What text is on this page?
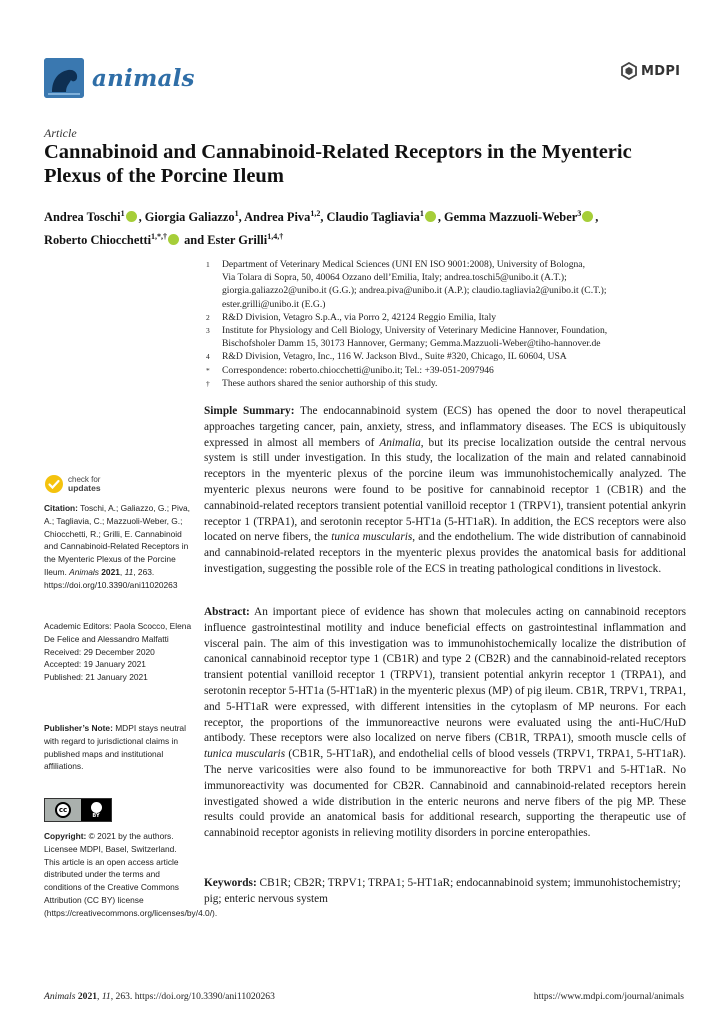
animals	MDPI
Article
Cannabinoid and Cannabinoid-Related Receptors in the Myenteric Plexus of the Porcine Ileum
Andrea Toschi$^1$ , Giorgia Galiazzo$^1$, Andrea Piva$^{1,2}$, Claudio Tagliavia$^1$ , Gemma Mazzuoli-Weber$^3$ ,
Roberto Chiocchetti$^{1,*,\dagger}$ and Ester Grilli$^{1,4,\dagger}$
1	Department of Veterinary Medical Sciences (UNI EN ISO 9001:2008), University of Bologna,
Via Tolara di Sopra, 50, 40064 Ozzano dell’Emilia, Italy; andrea.toschi5@unibo.it (A.T.);
giorgia.galiazzo2@unibo.it (G.G.); andrea.piva@unibo.it (A.P.); claudio.tagliavia2@unibo.it (C.T.);
ester.grilli@unibo.it (E.G.)
2	R&D Division, Vetagro S.p.A., via Porro 2, 42124 Reggio Emilia, Italy
3	Institute for Physiology and Cell Biology, University of Veterinary Medicine Hannover, Foundation,
Bischofsholer Damm 15, 30173 Hannover, Germany; Gemma.Mazzuoli-Weber@tiho-hannover.de
4	R&D Division, Vetagro, Inc., 116 W. Jackson Blvd., Suite #320, Chicago, IL 60604, USA
*	Correspondence: roberto.chiocchetti@unibo.it; Tel.: +39-051-2097946
†	These authors shared the senior authorship of this study.
check for
updates
Citation: Toschi, A.; Galiazzo, G.; Piva, A.; Tagliavia, C.; Mazzuoli-Weber, G.; Chiocchetti, R.; Grilli, E. Cannabinoid and Cannabinoid-Related Receptors in the Myenteric Plexus of the Porcine Ileum. Animals 2021, 11, 263. https://doi.org/10.3390/ani11020263
Academic Editors: Paola Scocco, Elena De Felice and Alessandro Malfatti
Received: 29 December 2020
Accepted: 19 January 2021
Published: 21 January 2021
Publisher’s Note: MDPI stays neutral with regard to jurisdictional claims in published maps and institutional affiliations.
cc
BY
Copyright: © 2021 by the authors. Licensee MDPI, Basel, Switzerland. This article is an open access article distributed under the terms and conditions of the Creative Commons Attribution (CC BY) license (https://creativecommons.org/licenses/by/4.0/).
Simple Summary: The endocannabinoid system (ECS) has opened the door to novel therapeutical approaches targeting cancer, pain, anxiety, stress, and inflammatory diseases. The ECS is ubiquitously expressed in almost all members of Animalia, but its precise localization outside the central nervous system is still under investigation. In this study, the localization of the main and related cannabinoid receptors in the myenteric plexus of the porcine ileum was immunohistochemically analyzed. The myenteric plexus neurons were found to be positive for cannabinoid receptor 1 (CB1R) and the cannabinoid-related receptors transient potential vanilloid receptor 1 (TRPV1), transient potential ankyrin receptor 1 (TRPA1), and serotonin receptor 5-HT1a (5-HT1aR). In addition, the ECS receptors were also located on nerve fibers, the tunica muscularis, and the endothelium. The wide distribution of cannabinoid and cannabinoid-related receptors in the myenteric plexus provides the anatomical basis for additional investigation, suggesting the possible role of the ECS in treating pathological conditions in livestock.
Abstract: An important piece of evidence has shown that molecules acting on cannabinoid receptors influence gastrointestinal motility and induce beneficial effects on gastrointestinal inflammation and visceral pain. The aim of this investigation was to immunohistochemically localize the distribution of canonical cannabinoid receptor type 1 (CB1R) and type 2 (CB2R) and the cannabinoid-related receptors transient potential vanilloid receptor 1 (TRPV1), transient potential ankyrin receptor 1 (TRPA1), and serotonin receptor 5-HT1a (5-HT1aR) in the myenteric plexus (MP) of pig ileum. CB1R, TRPV1, TRPA1, and 5-HT1aR were expressed, with different intensities in the cytoplasm of MP neurons. For each receptor, the proportions of the immunoreactive neurons were evaluated using the anti-HuC/HuD antibody. These receptors were also localized on nerve fibers (CB1R, TRPA1), smooth muscle cells of tunica muscularis (CB1R, 5-HT1aR), and endothelial cells of blood vessels (TRPV1, TRPA1, 5-HT1aR). The nerve varicosities were also found to be immunoreactive for both TRPV1 and 5-HT1aR. No immunoreactivity was documented for CB2R. Cannabinoid and cannabinoid-related receptors herein investigated showed a wide distribution in the enteric neurons and nerve fibers of the pig MP. These results could provide an anatomical basis for additional research, supporting the therapeutic use of cannabinoid receptor agonists in relieving motility disorders in porcine enteropathies.
Keywords: CB1R; CB2R; TRPV1; TRPA1; 5-HT1aR; endocannabinoid system; immunohistochemistry; pig; enteric nervous system
Animals 2021, 11, 263. https://doi.org/10.3390/ani11020263	https://www.mdpi.com/journal/animals
